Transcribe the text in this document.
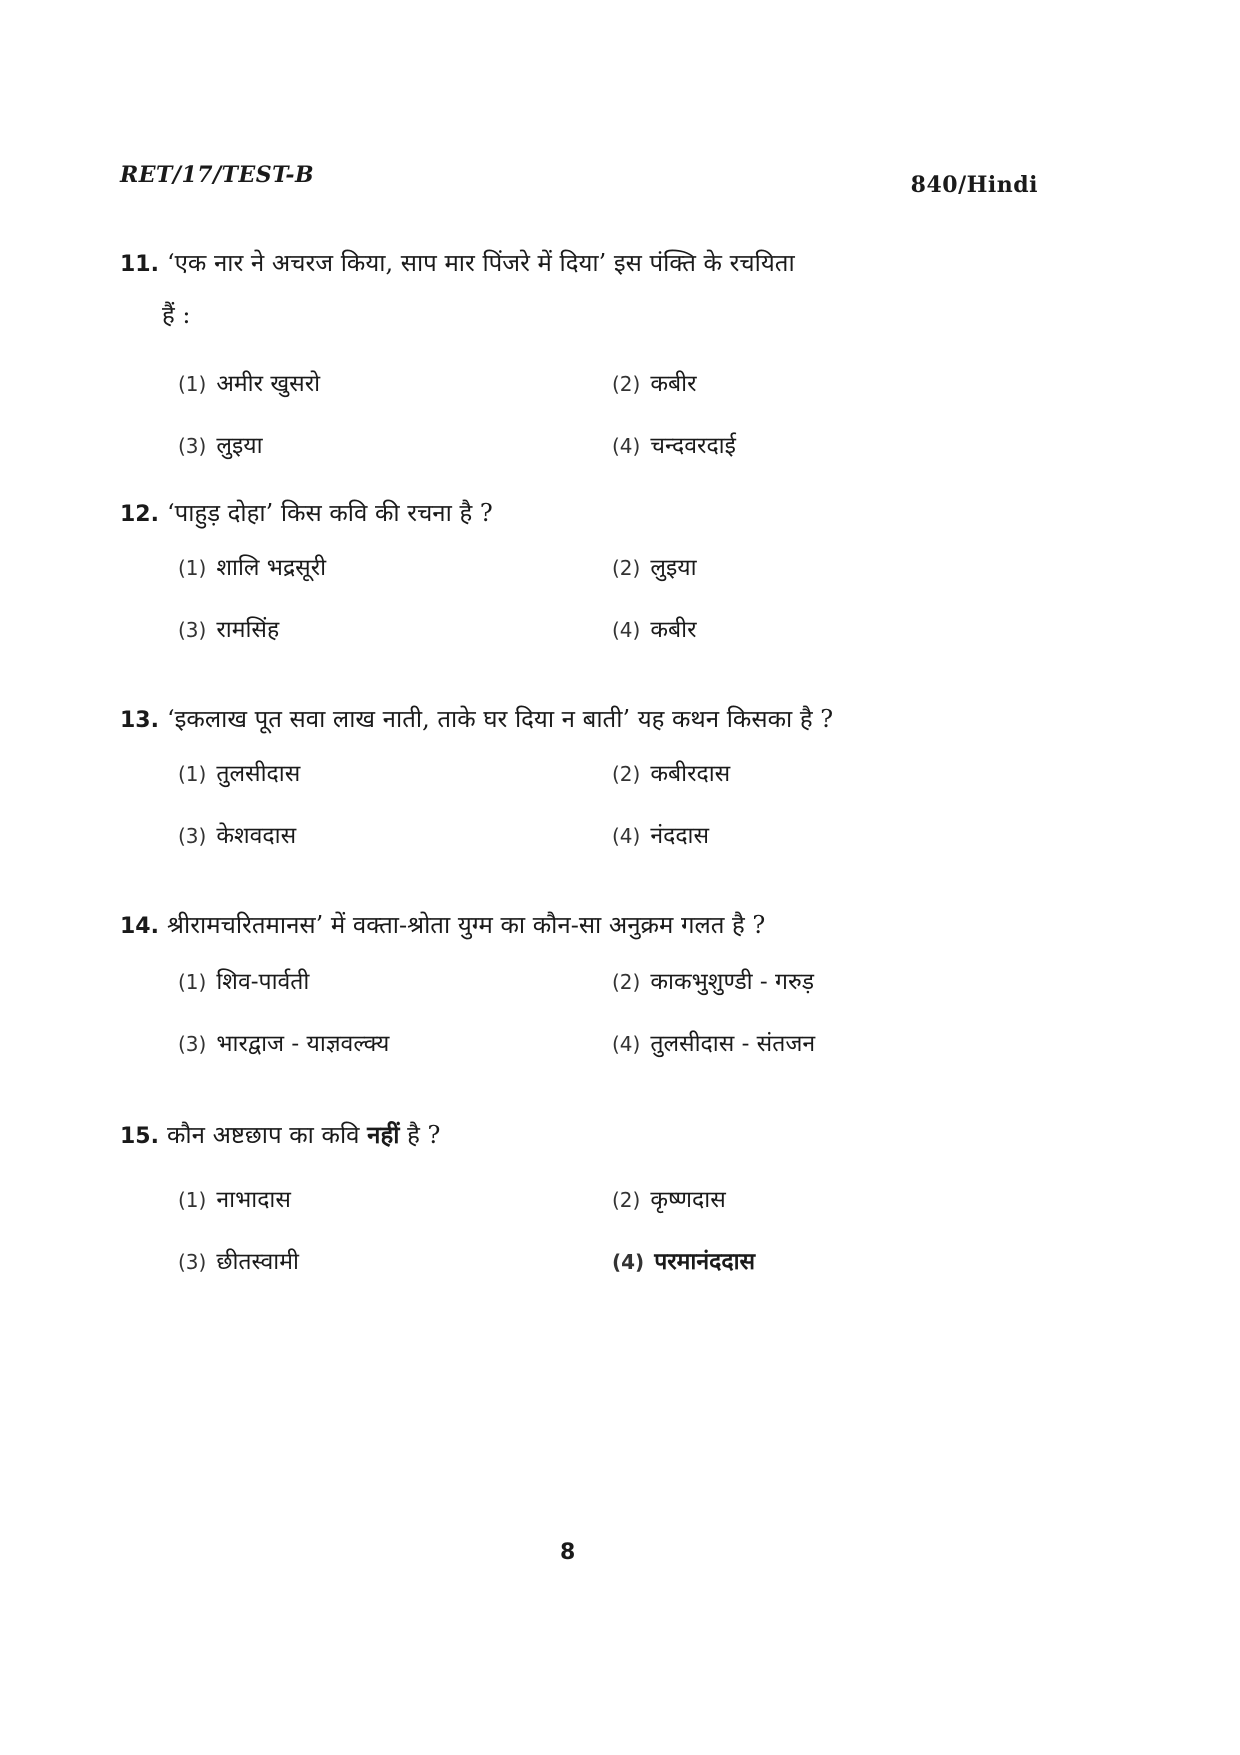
RET/17/TEST-B	840/Hindi
11. ‘एक नार ने अचरज किया, साप मार पिंजरे में दिया’ इस पंक्ति के रचयिता
हैं :
(1) अमीर खुसरो	(2) कबीर
(3) लुइया	(4) चन्दवरदाई
12. ‘पाहुड़ दोहा’ किस कवि की रचना है ?
(1) शालि भद्रसूरी	(2) लुइया
(3) रामसिंह	(4) कबीर
13. ‘इकलाख पूत सवा लाख नाती, ताके घर दिया न बाती’ यह कथन किसका है ?
(1) तुलसीदास	(2) कबीरदास
(3) केशवदास	(4) नंददास
14. श्रीरामचरितमानस’ में वक्ता-श्रोता युग्म का कौन-सा अनुक्रम गलत है ?
(1) शिव-पार्वती	(2) काकभुशुण्डी - गरुड़
(3) भारद्वाज - याज्ञवल्क्य	(4) तुलसीदास - संतजन
15. कौन अष्टछाप का कवि नहीं है ?
(1) नाभादास	(2) कृष्णदास
(3) छीतस्वामी	(4) परमानंददास
8
